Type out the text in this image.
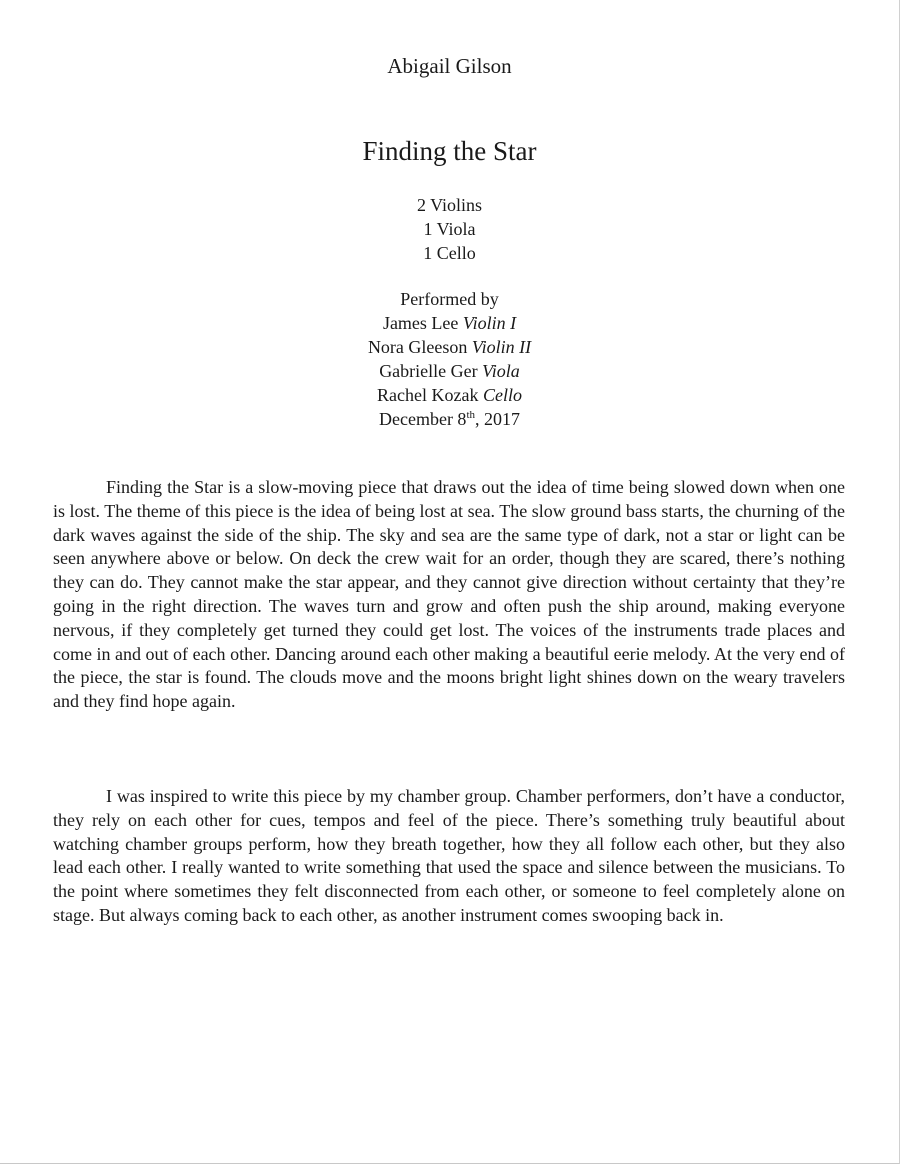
Abigail Gilson
Finding the Star
2 Violins
1 Viola
1 Cello
Performed by
James Lee Violin I
Nora Gleeson Violin II
Gabrielle Ger Viola
Rachel Kozak Cello
December 8th, 2017

Finding the Star is a slow-moving piece that draws out the idea of time being slowed down when one is lost. The theme of this piece is the idea of being lost at sea. The slow ground bass starts, the churning of the dark waves against the side of the ship. The sky and sea are the same type of dark, not a star or light can be seen anywhere above or below. On deck the crew wait for an order, though they are scared, there’s nothing they can do. They cannot make the star appear, and they cannot give direction without certainty that they’re going in the right direction. The waves turn and grow and often push the ship around, making everyone nervous, if they completely get turned they could get lost. The voices of the instruments trade places and come in and out of each other. Dancing around each other making a beautiful eerie melody. At the very end of the piece, the star is found. The clouds move and the moons bright light shines down on the weary travelers and they find hope again.

I was inspired to write this piece by my chamber group. Chamber performers, don’t have a conductor, they rely on each other for cues, tempos and feel of the piece. There’s something truly beautiful about watching chamber groups perform, how they breath together, how they all follow each other, but they also lead each other. I really wanted to write something that used the space and silence between the musicians. To the point where sometimes they felt disconnected from each other, or someone to feel completely alone on stage. But always coming back to each other, as another instrument comes swooping back in.
